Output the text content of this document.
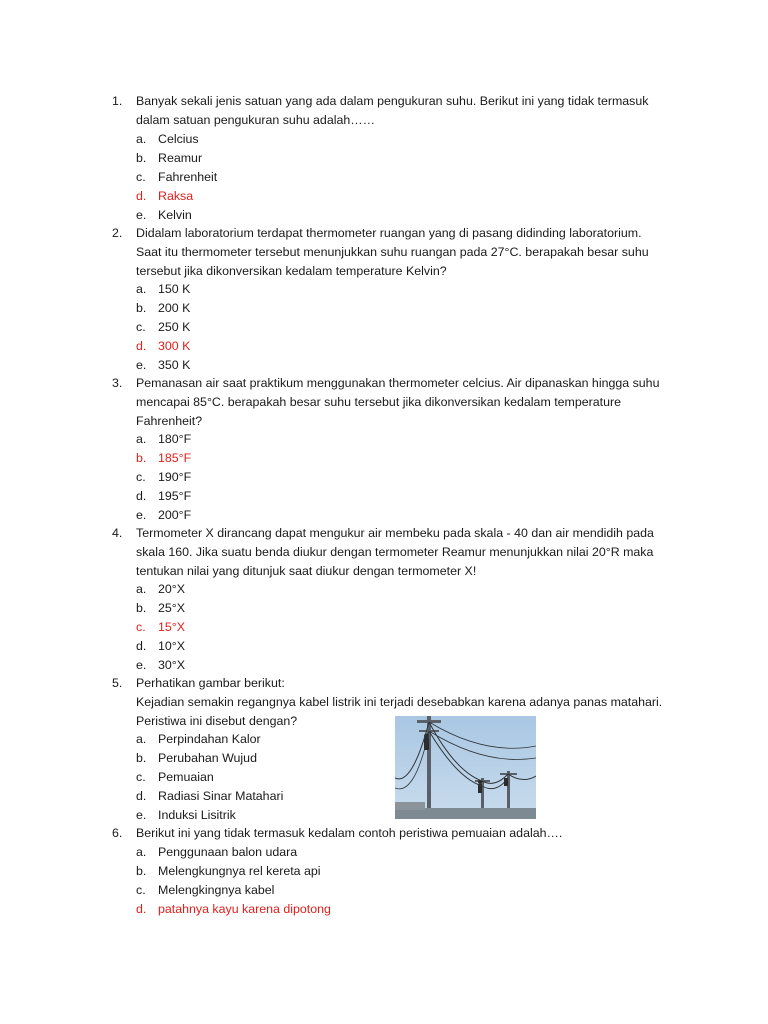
1. Banyak sekali jenis satuan yang ada dalam pengukuran suhu. Berikut ini yang tidak termasuk
dalam satuan pengukuran suhu adalah……
a. Celcius
b. Reamur
c. Fahrenheit
d. Raksa
e. Kelvin
2. Didalam laboratorium terdapat thermometer ruangan yang di pasang didinding laboratorium.
Saat itu thermometer tersebut menunjukkan suhu ruangan pada 27°C. berapakah besar suhu
tersebut jika dikonversikan kedalam temperature Kelvin?
a. 150 K
b. 200 K
c. 250 K
d. 300 K
e. 350 K
3. Pemanasan air saat praktikum menggunakan thermometer celcius. Air dipanaskan hingga suhu
mencapai 85°C. berapakah besar suhu tersebut jika dikonversikan kedalam temperature
Fahrenheit?
a. 180°F
b. 185°F
c. 190°F
d. 195°F
e. 200°F
4. Termometer X dirancang dapat mengukur air membeku pada skala - 40 dan air mendidih pada
skala 160. Jika suatu benda diukur dengan termometer Reamur menunjukkan nilai 20°R maka
tentukan nilai yang ditunjuk saat diukur dengan termometer X!
a. 20°X
b. 25°X
c. 15°X
d. 10°X
e. 30°X
5. Perhatikan gambar berikut:
Kejadian semakin regangnya kabel listrik ini terjadi desebabkan karena adanya panas matahari.
Peristiwa ini disebut dengan?
a. Perpindahan Kalor
b. Perubahan Wujud
c. Pemuaian
d. Radiasi Sinar Matahari
e. Induksi Lisitrik
6. Berikut ini yang tidak termasuk kedalam contoh peristiwa pemuaian adalah….
a. Penggunaan balon udara
b. Melengkungnya rel kereta api
c. Melengkingnya kabel
d. patahnya kayu karena dipotong
